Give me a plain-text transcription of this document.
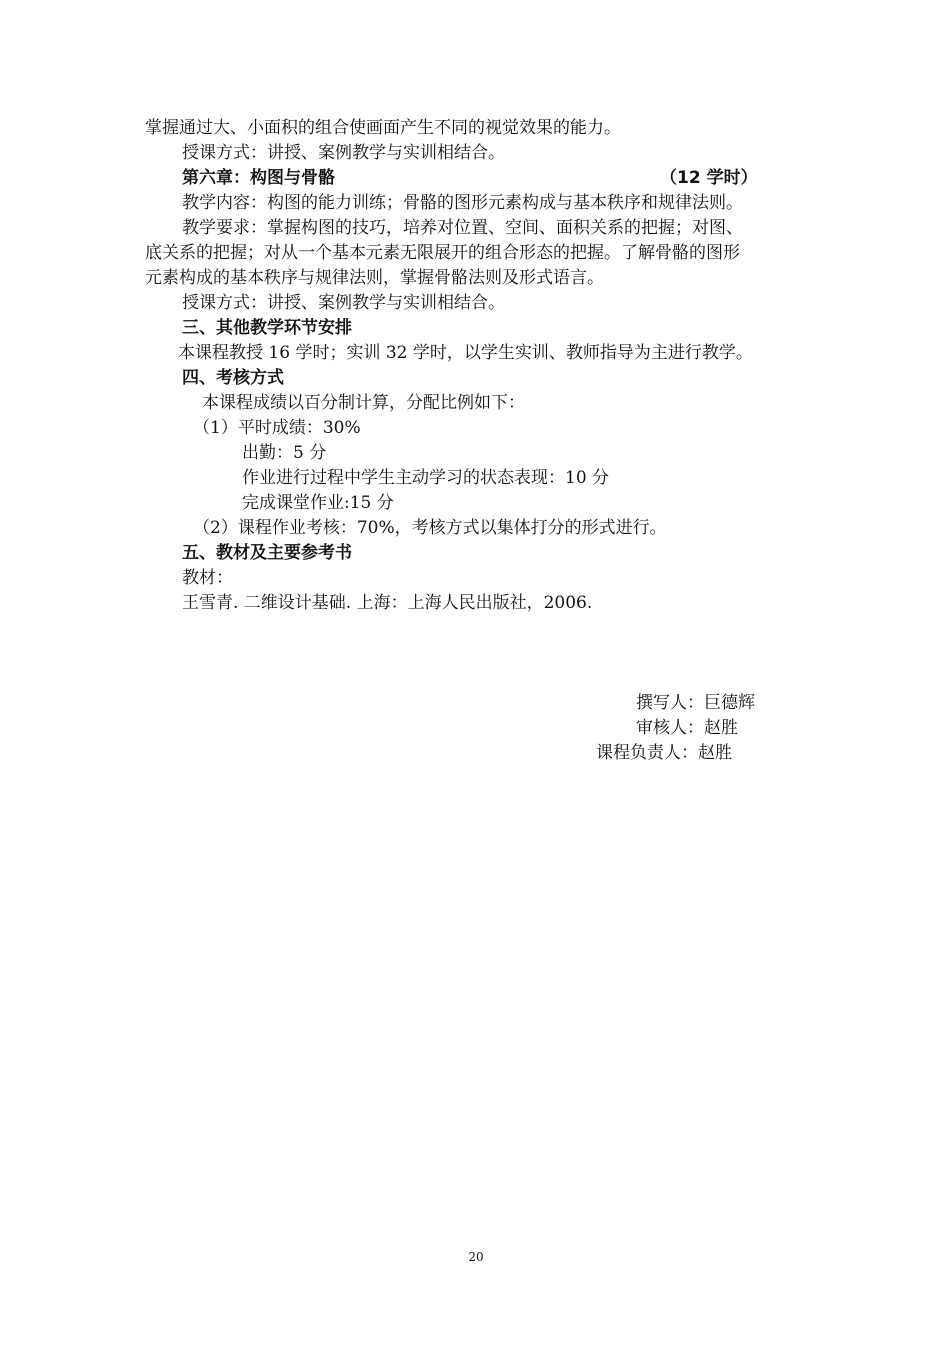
掌握通过大、小面积的组合使画面产生不同的视觉效果的能力。
授课方式：讲授、案例教学与实训相结合。
第六章：构图与骨骼	（12 学时）
教学内容：构图的能力训练；骨骼的图形元素构成与基本秩序和规律法则。
教学要求：掌握构图的技巧，培养对位置、空间、面积关系的把握；对图、
底关系的把握；对从一个基本元素无限展开的组合形态的把握。了解骨骼的图形
元素构成的基本秩序与规律法则，掌握骨骼法则及形式语言。
授课方式：讲授、案例教学与实训相结合。
三、其他教学环节安排
本课程教授 16 学时；实训 32 学时，以学生实训、教师指导为主进行教学。
四、考核方式
本课程成绩以百分制计算，分配比例如下：
（1）平时成绩：30%
出勤：5 分
作业进行过程中学生主动学习的状态表现：10 分
完成课堂作业:15 分
（2）课程作业考核：70%，考核方式以集体打分的形式进行。
五、教材及主要参考书
教材：
王雪青. 二维设计基础. 上海：上海人民出版社，2006.
撰写人：巨德辉
审核人：赵胜
课程负责人：赵胜
20
